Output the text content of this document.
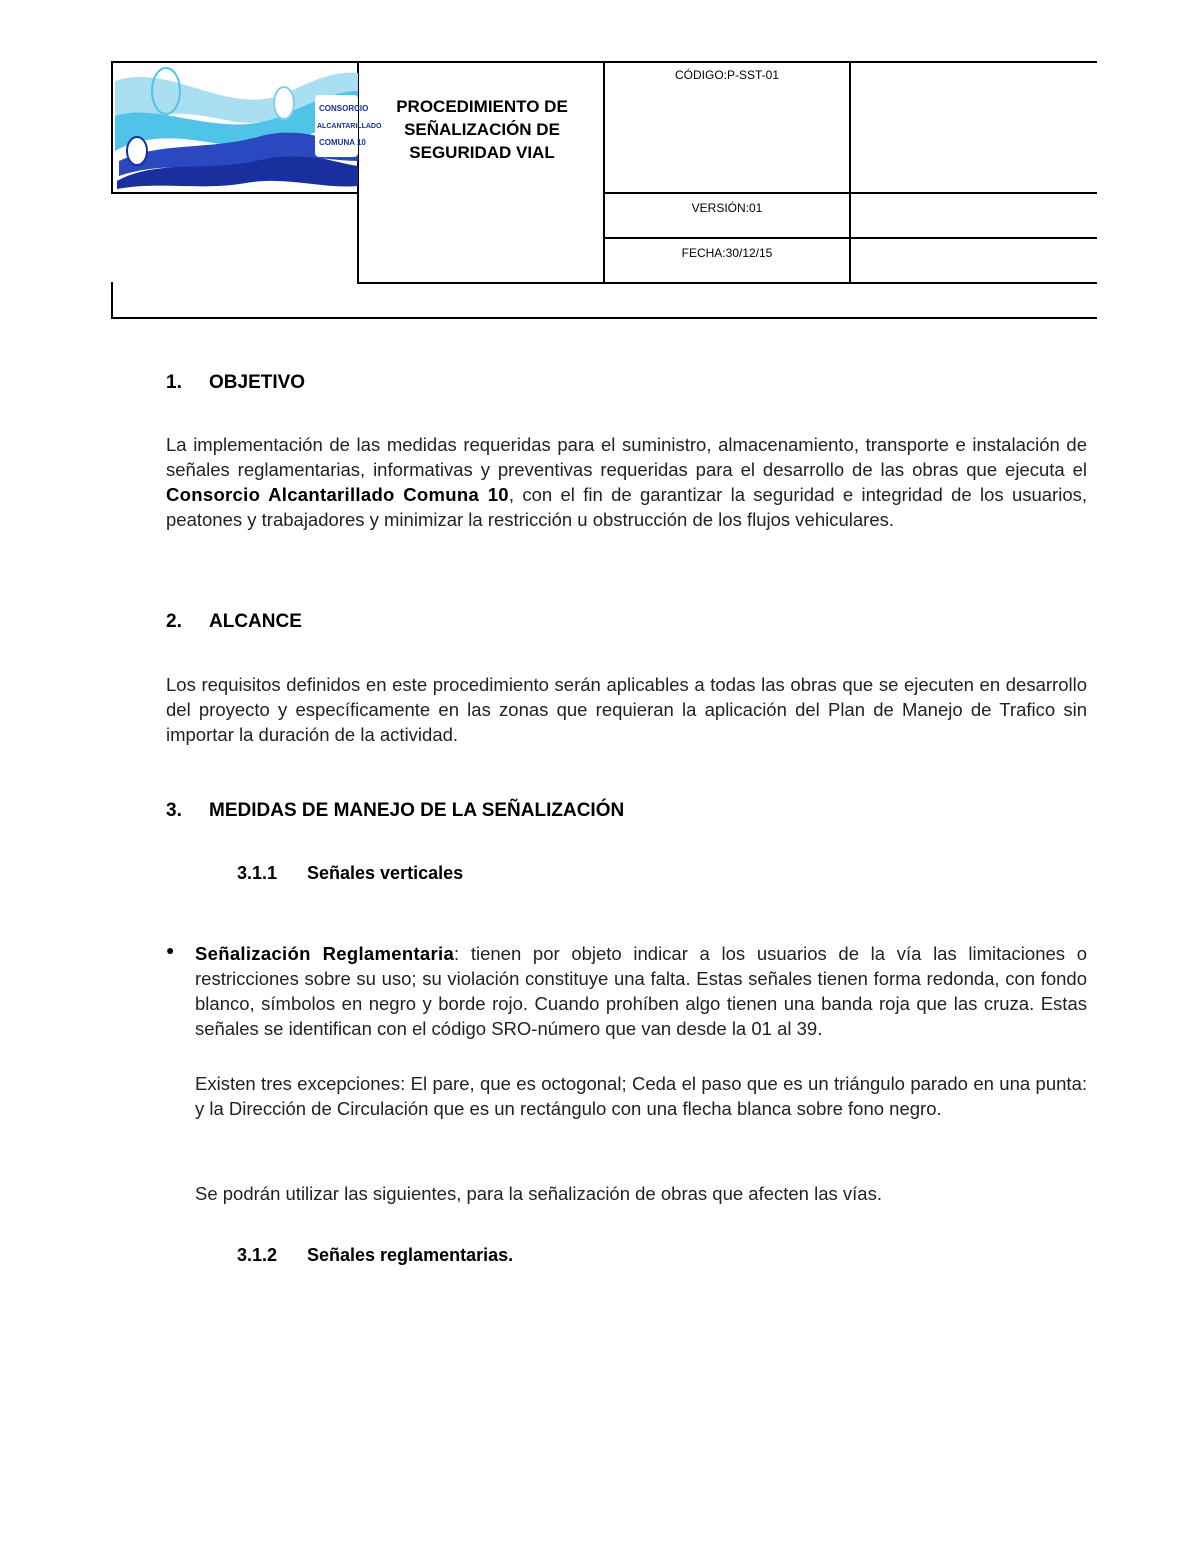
CONSORCIO
ALCANTARILLADO
COMUNA 10
PROCEDIMIENTO DE
SEÑALIZACIÓN DE
SEGURIDAD VIAL
CÓDIGO:P-SST-01
VERSIÓN:01
FECHA:30/12/15
1. OBJETIVO
La implementación de las medidas requeridas para el suministro, almacenamiento, transporte e instalación de señales reglamentarias, informativas y preventivas requeridas para el desarrollo de las obras que ejecuta el Consorcio Alcantarillado Comuna 10, con el fin de garantizar la seguridad e integridad de los usuarios, peatones y trabajadores y minimizar la restricción u obstrucción de los flujos vehiculares.
2. ALCANCE
Los requisitos definidos en este procedimiento serán aplicables a todas las obras que se ejecuten en desarrollo del proyecto y específicamente en las zonas que requieran la aplicación del Plan de Manejo de Trafico sin importar la duración de la actividad.
3. MEDIDAS DE MANEJO DE LA SEÑALIZACIÓN
3.1.1 Señales verticales
● Señalización Reglamentaria: tienen por objeto indicar a los usuarios de la vía las limitaciones o restricciones sobre su uso; su violación constituye una falta. Estas señales tienen forma redonda, con fondo blanco, símbolos en negro y borde rojo. Cuando prohíben algo tienen una banda roja que las cruza. Estas señales se identifican con el código SRO-número que van desde la 01 al 39.
Existen tres excepciones: El pare, que es octogonal; Ceda el paso que es un triángulo parado en una punta: y la Dirección de Circulación que es un rectángulo con una flecha blanca sobre fono negro.
Se podrán utilizar las siguientes, para la señalización de obras que afecten las vías.
3.1.2 Señales reglamentarias.
